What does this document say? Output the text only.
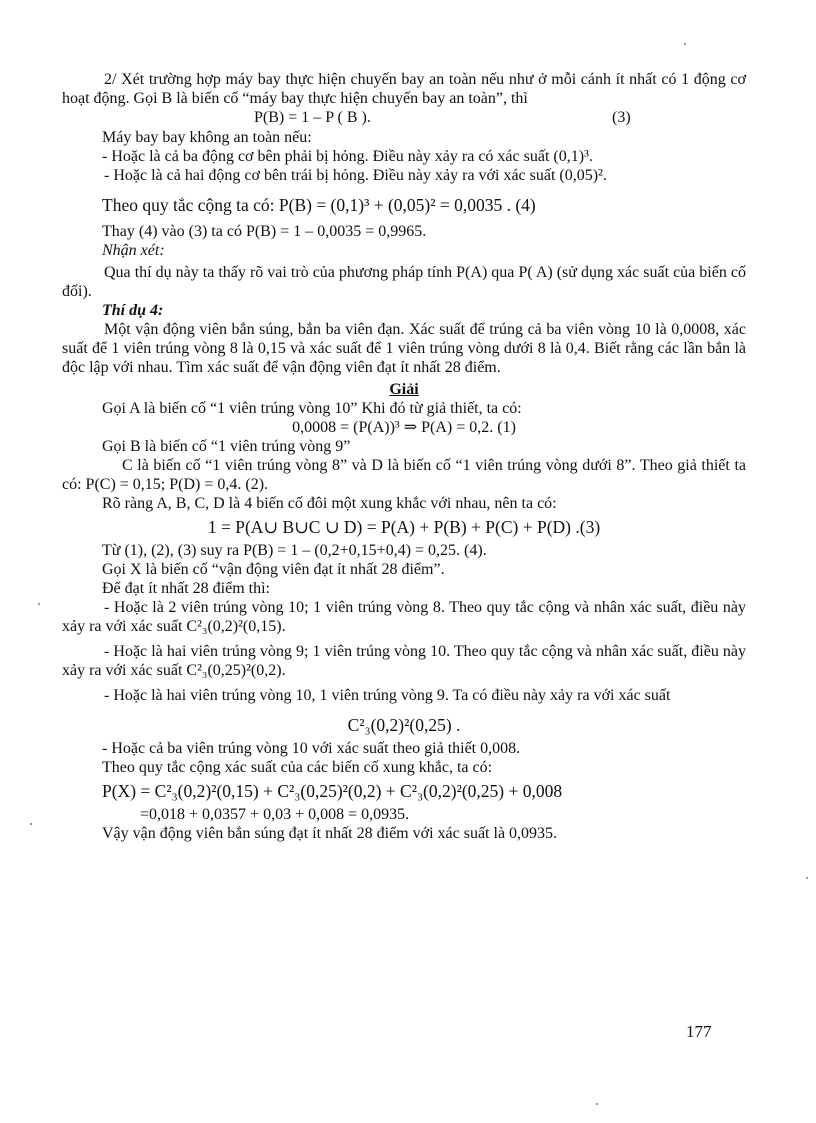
2/ Xét trường hợp máy bay thực hiện chuyến bay an toàn nếu như ở mỗi cánh ít nhất có 1 động cơ hoạt động. Gọi B là biến cố “máy bay thực hiện chuyến bay an toàn”, thì

P(B) = 1 – P ( B ).	(3)

Máy bay bay không an toàn nếu:

- Hoặc là cả ba động cơ bên phải bị hỏng. Điều này xảy ra có xác suất (0,1)³.

- Hoặc là cả hai động cơ bên trái bị hỏng. Điều này xảy ra với xác suất (0,05)².

Theo quy tắc cộng ta có: P(B) = (0,1)³ + (0,05)² = 0,0035 . (4)

Thay (4) vào (3) ta có P(B) = 1 – 0,0035 = 0,9965.

Nhận xét:

Qua thí dụ này ta thấy rõ vai trò của phương pháp tính P(A) qua P( A) (sử dụng xác suất của biến cố đối).

Thí dụ 4:

Một vận động viên bắn súng, bắn ba viên đạn. Xác suất để trúng cả ba viên vòng 10 là 0,0008, xác suất để 1 viên trúng vòng 8 là 0,15 và xác suất để 1 viên trúng vòng dưới 8 là 0,4. Biết rằng các lần bắn là độc lập với nhau. Tìm xác suất để vận động viên đạt ít nhất 28 điểm.

Giải

Gọi A là biến cố “1 viên trúng vòng 10” Khi đó từ giả thiết, ta có:

0,0008 = (P(A))³ ⇒ P(A) = 0,2. (1)

Gọi B là biến cố “1 viên trúng vòng 9”

C là biến cố “1 viên trúng vòng 8” và D là biến cố “1 viên trúng vòng dưới 8”. Theo giả thiết ta có: P(C) = 0,15; P(D) = 0,4. (2).

Rõ ràng A, B, C, D là 4 biến cố đôi một xung khắc với nhau, nên ta có:

1 = P(A∪ B∪C ∪ D) = P(A) + P(B) + P(C) + P(D) .(3)

Từ (1), (2), (3) suy ra P(B) = 1 – (0,2+0,15+0,4) = 0,25. (4).

Gọi X là biến cố “vận động viên đạt ít nhất 28 điểm”.

Để đạt ít nhất 28 điểm thì:

- Hoặc là 2 viên trúng vòng 10; 1 viên trúng vòng 8. Theo quy tắc cộng và nhân xác suất, điều này xảy ra với xác suất C²₃(0,2)²(0,15).

- Hoặc là hai viên trúng vòng 9; 1 viên trúng vòng 10. Theo quy tắc cộng và nhân xác suất, điều này xảy ra với xác suất C²₃(0,25)²(0,2).

- Hoặc là hai viên trúng vòng 10, 1 viên trúng vòng 9. Ta có điều này xảy ra với xác suất

C²₃(0,2)²(0,25) .

- Hoặc cả ba viên trúng vòng 10 với xác suất theo giả thiết 0,008.

Theo quy tắc cộng xác suất của các biến cố xung khắc, ta có:

P(X) = C²₃(0,2)²(0,15) + C²₃(0,25)²(0,2) + C²₃(0,2)²(0,25) + 0,008

=0,018 + 0,0357 + 0,03 + 0,008 = 0,0935.

Vậy vận động viên bắn súng đạt ít nhất 28 điểm với xác suất là 0,0935.

177
